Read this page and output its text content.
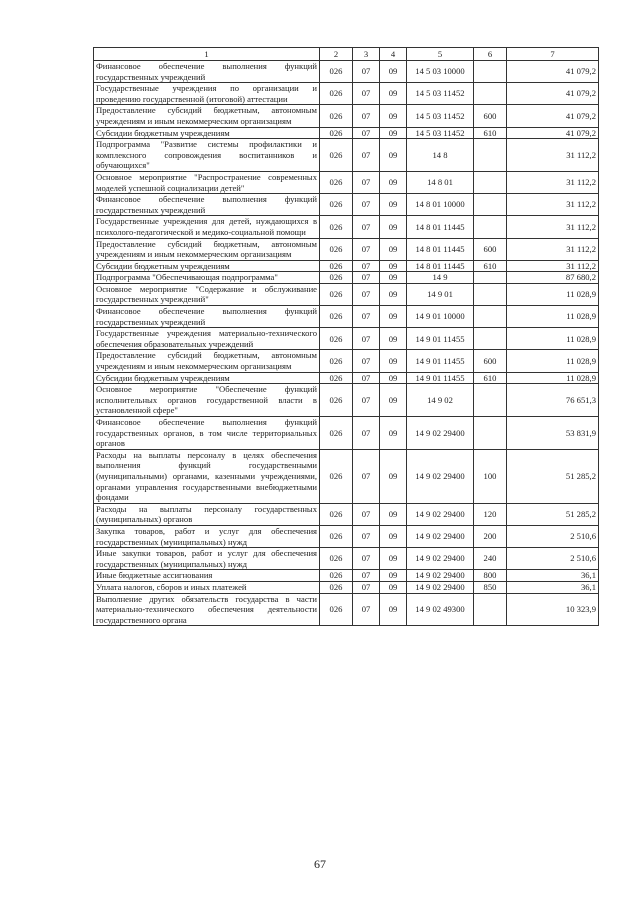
1	2	3	4	5	6	7
Финансовое обеспечение выполнения функций государственных учреждений	026	07	09	14 5 03 10000		41 079,2
Государственные учреждения по организации и проведению государственной (итоговой) аттестации	026	07	09	14 5 03 11452		41 079,2
Предоставление субсидий бюджетным, автономным учреждениям и иным некоммерческим организациям	026	07	09	14 5 03 11452	600	41 079,2
Субсидии бюджетным учреждениям	026	07	09	14 5 03 11452	610	41 079,2
Подпрограмма "Развитие системы профилактики и комплексного сопровождения воспитанников и обучающихся"	026	07	09	14 8		31 112,2
Основное мероприятие "Распространение современных моделей успешной социализации детей"	026	07	09	14 8 01		31 112,2
Финансовое обеспечение выполнения функций государственных учреждений	026	07	09	14 8 01 10000		31 112,2
Государственные учреждения для детей, нуждающихся в психолого-педагогической и медико-социальной помощи	026	07	09	14 8 01 11445		31 112,2
Предоставление субсидий бюджетным, автономным учреждениям и иным некоммерческим организациям	026	07	09	14 8 01 11445	600	31 112,2
Субсидии бюджетным учреждениям	026	07	09	14 8 01 11445	610	31 112,2
Подпрограмма "Обеспечивающая подпрограмма"	026	07	09	14 9		87 680,2
Основное мероприятие "Содержание и обслуживание государственных учреждений"	026	07	09	14 9 01		11 028,9
Финансовое обеспечение выполнения функций государственных учреждений	026	07	09	14 9 01 10000		11 028,9
Государственные учреждения материально-технического обеспечения образовательных учреждений	026	07	09	14 9 01 11455		11 028,9
Предоставление субсидий бюджетным, автономным учреждениям и иным некоммерческим организациям	026	07	09	14 9 01 11455	600	11 028,9
Субсидии бюджетным учреждениям	026	07	09	14 9 01 11455	610	11 028,9
Основное мероприятие "Обеспечение функций исполнительных органов государственной власти в установленной сфере"	026	07	09	14 9 02		76 651,3
Финансовое обеспечение выполнения функций государственных органов, в том числе территориальных органов	026	07	09	14 9 02 29400		53 831,9
Расходы на выплаты персоналу в целях обеспечения выполнения функций государственными (муниципальными) органами, казенными учреждениями, органами управления государственными внебюджетными фондами	026	07	09	14 9 02 29400	100	51 285,2
Расходы на выплаты персоналу государственных (муниципальных) органов	026	07	09	14 9 02 29400	120	51 285,2
Закупка товаров, работ и услуг для обеспечения государственных (муниципальных) нужд	026	07	09	14 9 02 29400	200	2 510,6
Иные закупки товаров, работ и услуг для обеспечения государственных (муниципальных) нужд	026	07	09	14 9 02 29400	240	2 510,6
Иные бюджетные ассигнования	026	07	09	14 9 02 29400	800	36,1
Уплата налогов, сборов и иных платежей	026	07	09	14 9 02 29400	850	36,1
Выполнение других обязательств государства в части материально-технического обеспечения деятельности государственного органа	026	07	09	14 9 02 49300		10 323,9
67
